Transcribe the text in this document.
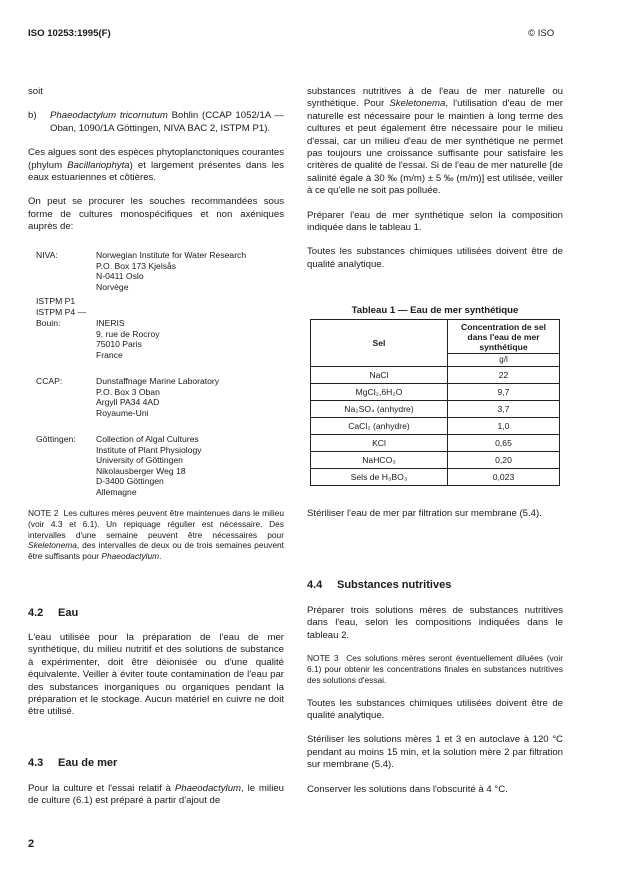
ISO 10253:1995(F)	© ISO

soit

b) Phaeodactylum tricornutum Bohlin (CCAP 1052/1A — Oban, 1090/1A Göttingen, NIVA BAC 2, ISTPM P1).

Ces algues sont des espèces phytoplanctoniques courantes (phylum Bacillariophyta) et largement présentes dans les eaux estuariennes et côtières.

On peut se procurer les souches recommandées sous forme de cultures monospécifiques et non axéniques auprès de:

NIVA:	Norwegian Institute for Water Research
P.O. Box 173 Kjelsås
N-0411 Oslo
Norvège
ISTPM P1
ISTPM P4 —
Bouin:	INERIS
9, rue de Rocroy
75010 Paris
France
CCAP:	Dunstaffnage Marine Laboratory
P.O. Box 3 Oban
Argyll PA34 4AD
Royaume-Uni
Göttingen: Collection of Algal Cultures
Institute of Plant Physiology
University of Göttingen
Nikolausberger Weg 18
D-3400 Göttingen
Allemagne
NOTE 2 Les cultures mères peuvent être maintenues dans le milieu (voir 4.3 et 6.1). Un repiquage régulier est nécessaire. Des intervalles d'une semaine peuvent être nécessaires pour Skeletonema, des intervalles de deux ou de trois semaines peuvent être suffisants pour Phaeodactylum.
4.2 Eau

L'eau utilisée pour la préparation de l'eau de mer synthétique, du milieu nutritif et des solutions de substance à expérimenter, doit être déionisée ou d'une qualité équivalente. Veiller à éviter toute contamination de l'eau par des substances inorganiques ou organiques pendant la préparation et le stockage. Aucun matériel en cuivre ne doit être utilisé.

4.3 Eau de mer

Pour la culture et l'essai relatif à Phaeodactylum, le milieu de culture (6.1) est préparé à partir d'ajout de

substances nutritives à de l'eau de mer naturelle ou synthétique. Pour Skeletonema, l'utilisation d'eau de mer naturelle est nécessaire pour le maintien à long terme des cultures et peut également être nécessaire pour le milieu d'essai, car un milieu d'eau de mer synthétique ne permet pas toujours une croissance suffisante pour satisfaire les critères de qualité de l'essai. Si de l'eau de mer naturelle [de salinité égale à 30 ‰ (m/m) ± 5 ‰ (m/m)] est utilisée, veiller à ce qu'elle ne soit pas polluée.

Préparer l'eau de mer synthétique selon la composition indiquée dans le tableau 1.

Toutes les substances chimiques utilisées doivent être de qualité analytique.

Tableau 1 — Eau de mer synthétique
Sel	Concentration de sel dans l'eau de mer synthétique
	g/l
NaCl	22
MgCl₂,6H₂O	9,7
Na₂SO₄ (anhydre)	3,7
CaCl₂ (anhydre)	1,0
KCl	0,65
NaHCO₃	0,20
Sels de H₃BO₃	0,023

Stériliser l'eau de mer par filtration sur membrane (5.4).

4.4 Substances nutritives

Préparer trois solutions mères de substances nutritives dans l'eau, selon les compositions indiquées dans le tableau 2.

NOTE 3 Ces solutions mères seront éventuellement diluées (voir 6.1) pour obtenir les concentrations finales en substances nutritives des solutions d'essai.

Toutes les substances chimiques utilisées doivent être de qualité analytique.

Stériliser les solutions mères 1 et 3 en autoclave à 120 °C pendant au moins 15 min, et la solution mère 2 par filtration sur membrane (5.4).

Conserver les solutions dans l'obscurité à 4 °C.

2
